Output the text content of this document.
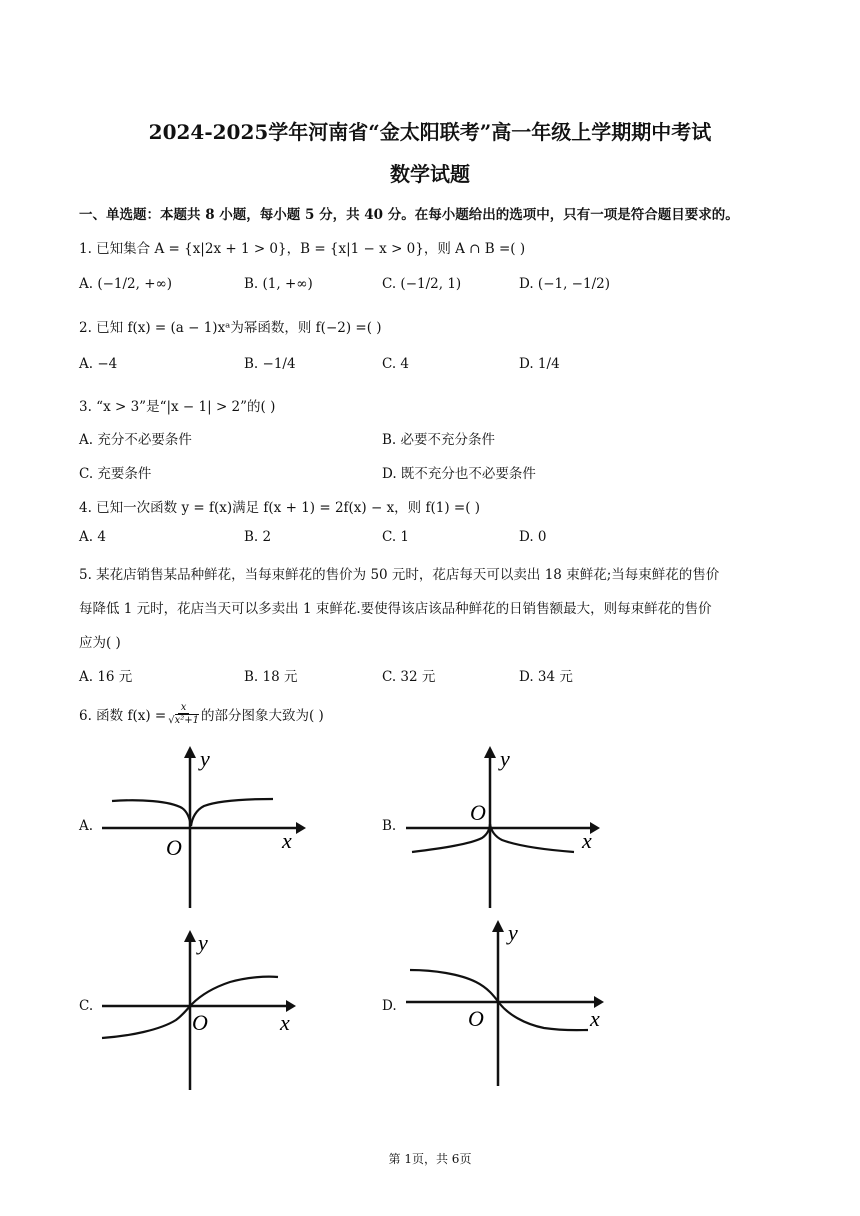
2024-2025学年河南省“金太阳联考”高一年级上学期期中考试
数学试题
一、单选题：本题共 8 小题，每小题 5 分，共 40 分。在每小题给出的选项中，只有一项是符合题目要求的。
1. 已知集合 A = {x|2x + 1 > 0}，B = {x|1 − x > 0}，则 A ∩ B =( )
A. (−1/2, +∞)	B. (1, +∞)	C. (−1/2, 1)	D. (−1, −1/2)
2. 已知 f(x) = (a − 1)xᵃ为幂函数，则 f(−2) =( )
A. −4	B. −1/4	C. 4	D. 1/4
3. “x > 3”是“|x − 1| > 2”的( )
A. 充分不必要条件	B. 必要不充分条件
C. 充要条件	D. 既不充分也不必要条件
4. 已知一次函数 y = f(x)满足 f(x + 1) = 2f(x) − x，则 f(1) =( )
A. 4	B. 2	C. 1	D. 0
5. 某花店销售某品种鲜花，当每束鲜花的售价为 50 元时，花店每天可以卖出 18 束鲜花;当每束鲜花的售价
每降低 1 元时，花店当天可以多卖出 1 束鲜花.要使得该店该品种鲜花的日销售额最大，则每束鲜花的售价
应为( )
A. 16 元	B. 18 元	C. 32 元	D. 34 元
6. 函数 $f(x) = \frac{x}{\text{√ x²+1}}$ 的部分图象大致为( )
A.	B.
C.	D.
y
x
O
y
x
O
y
x
O
y
x
O
第 1页，共 6页
